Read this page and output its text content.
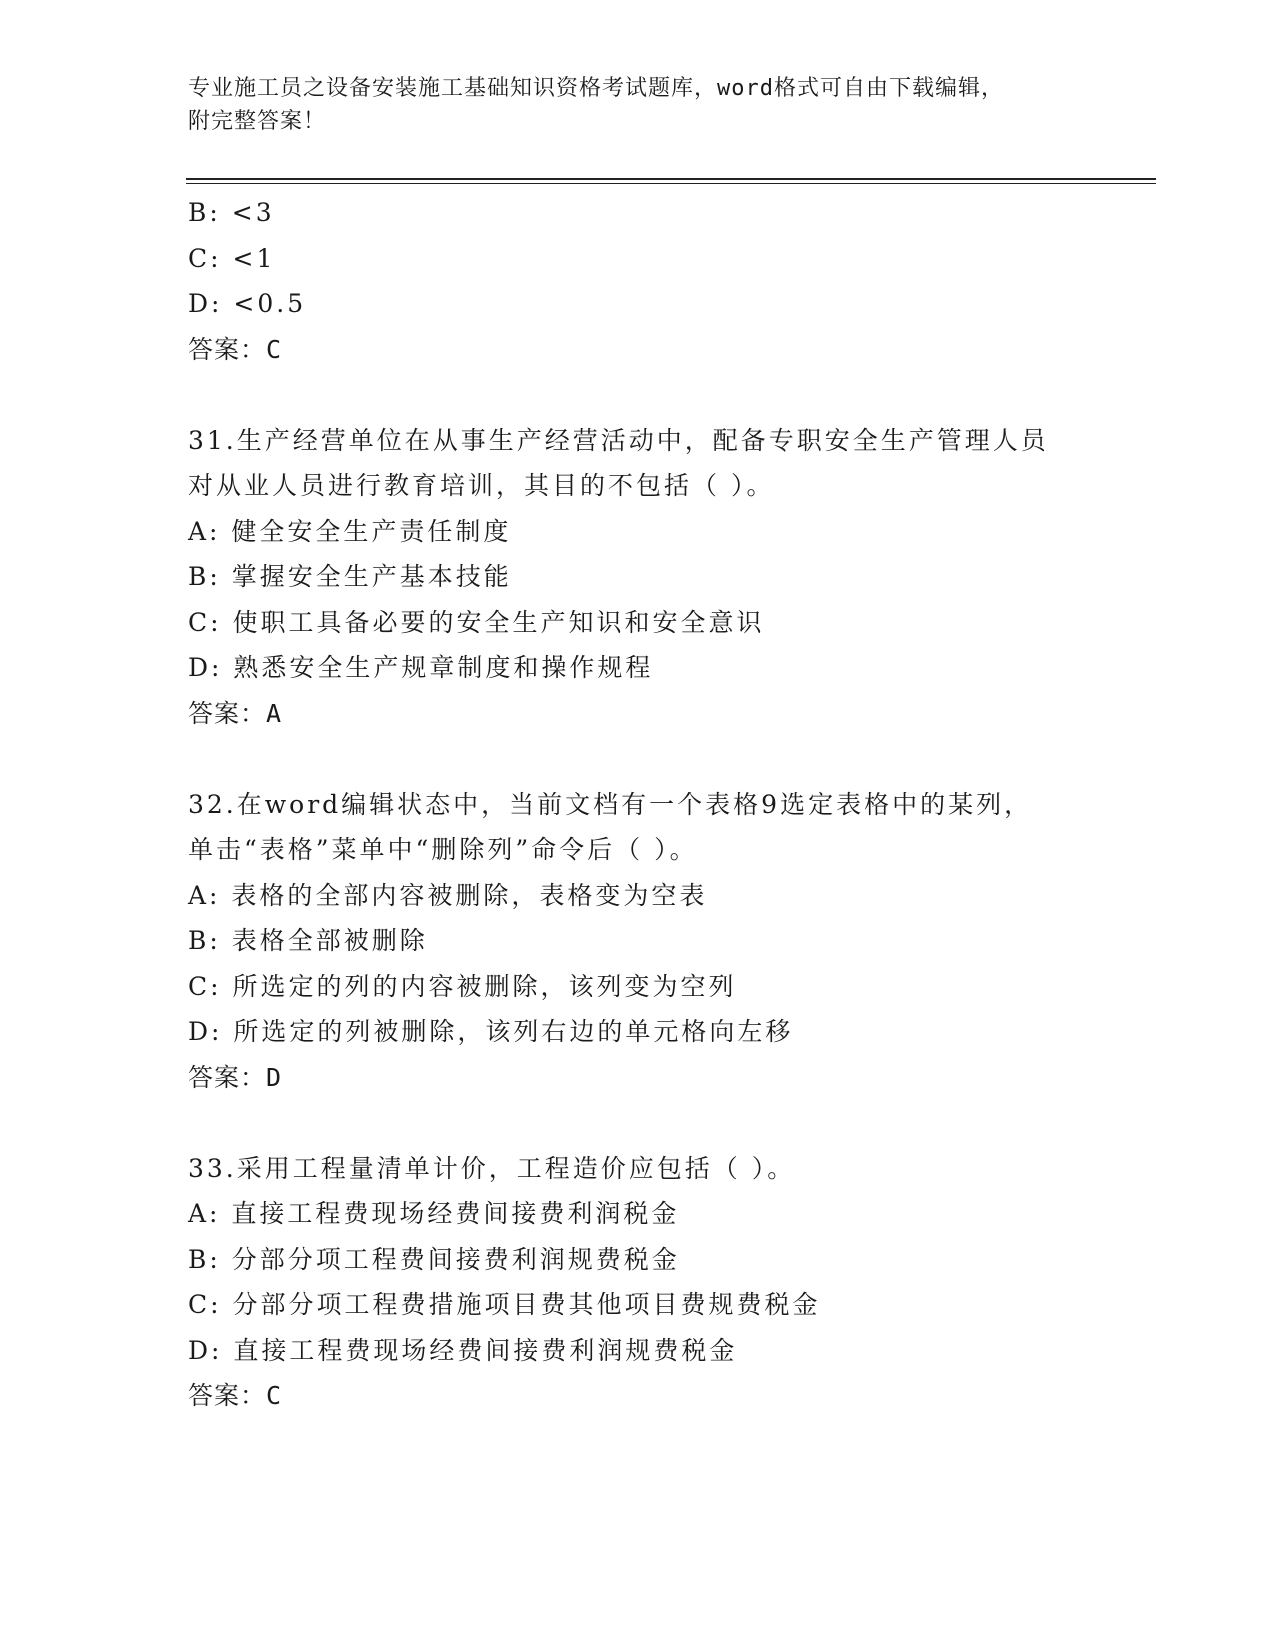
专业施工员之设备安装施工基础知识资格考试题库，word格式可自由下载编辑，
附完整答案！
B: <3
C: <1
D: <0.5
答案：C
31.生产经营单位在从事生产经营活动中，配备专职安全生产管理人员
对从业人员进行教育培训，其目的不包括（ ）。
A: 健全安全生产责任制度
B: 掌握安全生产基本技能
C: 使职工具备必要的安全生产知识和安全意识
D: 熟悉安全生产规章制度和操作规程
答案：A
32.在word编辑状态中，当前文档有一个表格9选定表格中的某列，
单击“表格”菜单中“删除列”命令后（ ）。
A: 表格的全部内容被删除，表格变为空表
B: 表格全部被删除
C: 所选定的列的内容被删除，该列变为空列
D: 所选定的列被删除，该列右边的单元格向左移
答案：D
33.采用工程量清单计价，工程造价应包括（ ）。
A: 直接工程费现场经费间接费利润税金
B: 分部分项工程费间接费利润规费税金
C: 分部分项工程费措施项目费其他项目费规费税金
D: 直接工程费现场经费间接费利润规费税金
答案：C
